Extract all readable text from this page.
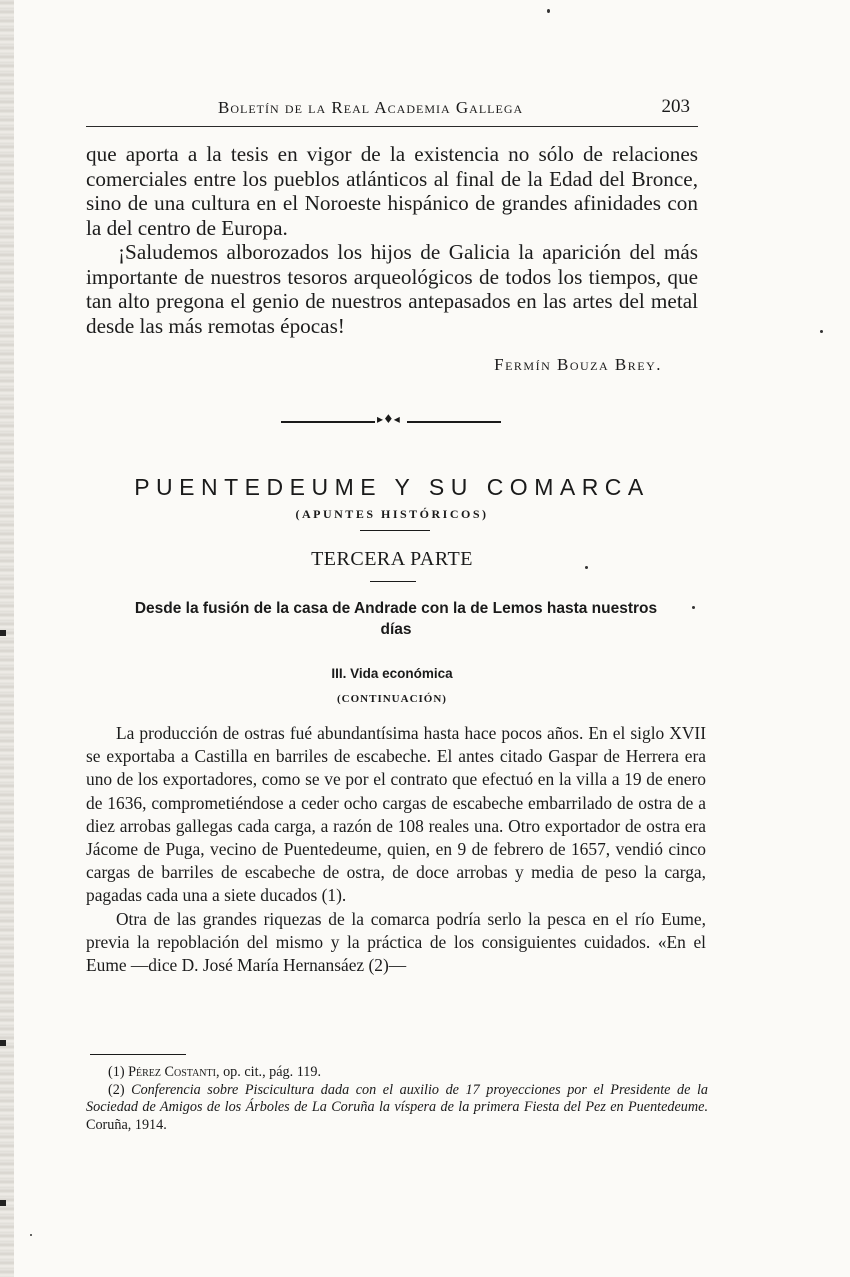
Boletín de la Real Academia Gallega	203

que aporta a la tesis en vigor de la existencia no sólo de relaciones comerciales entre los pueblos atlánticos al final de la Edad del Bronce, sino de una cultura en el Noroeste hispánico de grandes afinidades con la del centro de Europa.

¡Saludemos alborozados los hijos de Galicia la aparición del más importante de nuestros tesoros arqueológicos de todos los tiempos, que tan alto pregona el genio de nuestros antepasados en las artes del metal desde las más remotas épocas!

Fermín Bouza Brey.
▸♦◂
PUENTEDEUME Y SU COMARCA
(APUNTES HISTÓRICOS)
TERCERA PARTE
Desde la fusión de la casa de Andrade con la de Lemos hasta nuestros días
III. Vida económica
(CONTINUACIÓN)

La producción de ostras fué abundantísima hasta hace pocos años. En el siglo XVII se exportaba a Castilla en barriles de escabeche. El antes citado Gaspar de Herrera era uno de los exportadores, como se ve por el contrato que efectuó en la villa a 19 de enero de 1636, comprometiéndose a ceder ocho cargas de escabeche embarrilado de ostra de a diez arrobas gallegas cada carga, a razón de 108 reales una. Otro exportador de ostra era Jácome de Puga, vecino de Puentedeume, quien, en 9 de febrero de 1657, vendió cinco cargas de barriles de escabeche de ostra, de doce arrobas y media de peso la carga, pagadas cada una a siete ducados (1).

Otra de las grandes riquezas de la comarca podría serlo la pesca en el río Eume, previa la repoblación del mismo y la práctica de los consiguientes cuidados. «En el Eume —dice D. José María Hernansáez (2)—

(1) Pérez Costanti, op. cit., pág. 119.

(2) Conferencia sobre Piscicultura dada con el auxilio de 17 proyecciones por el Presidente de la Sociedad de Amigos de los Árboles de La Coruña la víspera de la primera Fiesta del Pez en Puentedeume. Coruña, 1914.
